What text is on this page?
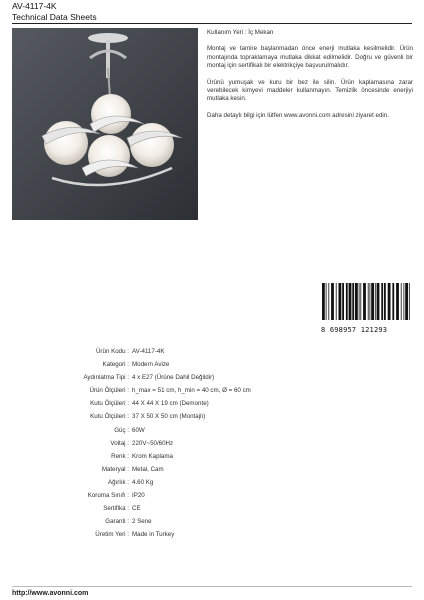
AV-4117-4K
Technical Data Sheets
Kullanım Yeri : İç Mekan

Montaj ve tamire başlanmadan önce enerji mutlaka kesilmelidir. Ürün montajında topraklamaya mutlaka dikkat edilmelidir. Doğru ve güvenli bir montaj için sertifikalı bir elektrikçiye başvurulmalıdır.

Ürünü yumuşak ve kuru bir bez ile silin. Ürün kaplamasına zarar verebilecek kimyevi maddeler kullanmayın. Temizlik öncesinde enerjiyi mutlaka kesin.

Daha detaylı bilgi için lütfen www.avonni.com adresini ziyaret edin.

8 698957 121293
Ürün Kodu : AV-4117-4K
Kategori : Modern Avize
Aydınlatma Tipi : 4 x E27 (Ürüne Dahil Değildir)
Ürün Ölçüleri : h_max = 51 cm, h_min = 40 cm, Ø = 60 cm
Kutu Ölçüleri : 44 X 44 X 19 cm (Demonte)
Kutu Ölçüleri : 37 X 50 X 50 cm (Montajlı)
Güç : 60W
Voltaj : 220V~50/60Hz
Renk : Krom Kaplama
Materyal : Metal, Cam
Ağırlık : 4.60 Kg
Koruma Sınıfı : IP20
Sertifika : CE
Garanti : 2 Sene
Üretim Yeri : Made in Turkey
http://www.avonni.com
